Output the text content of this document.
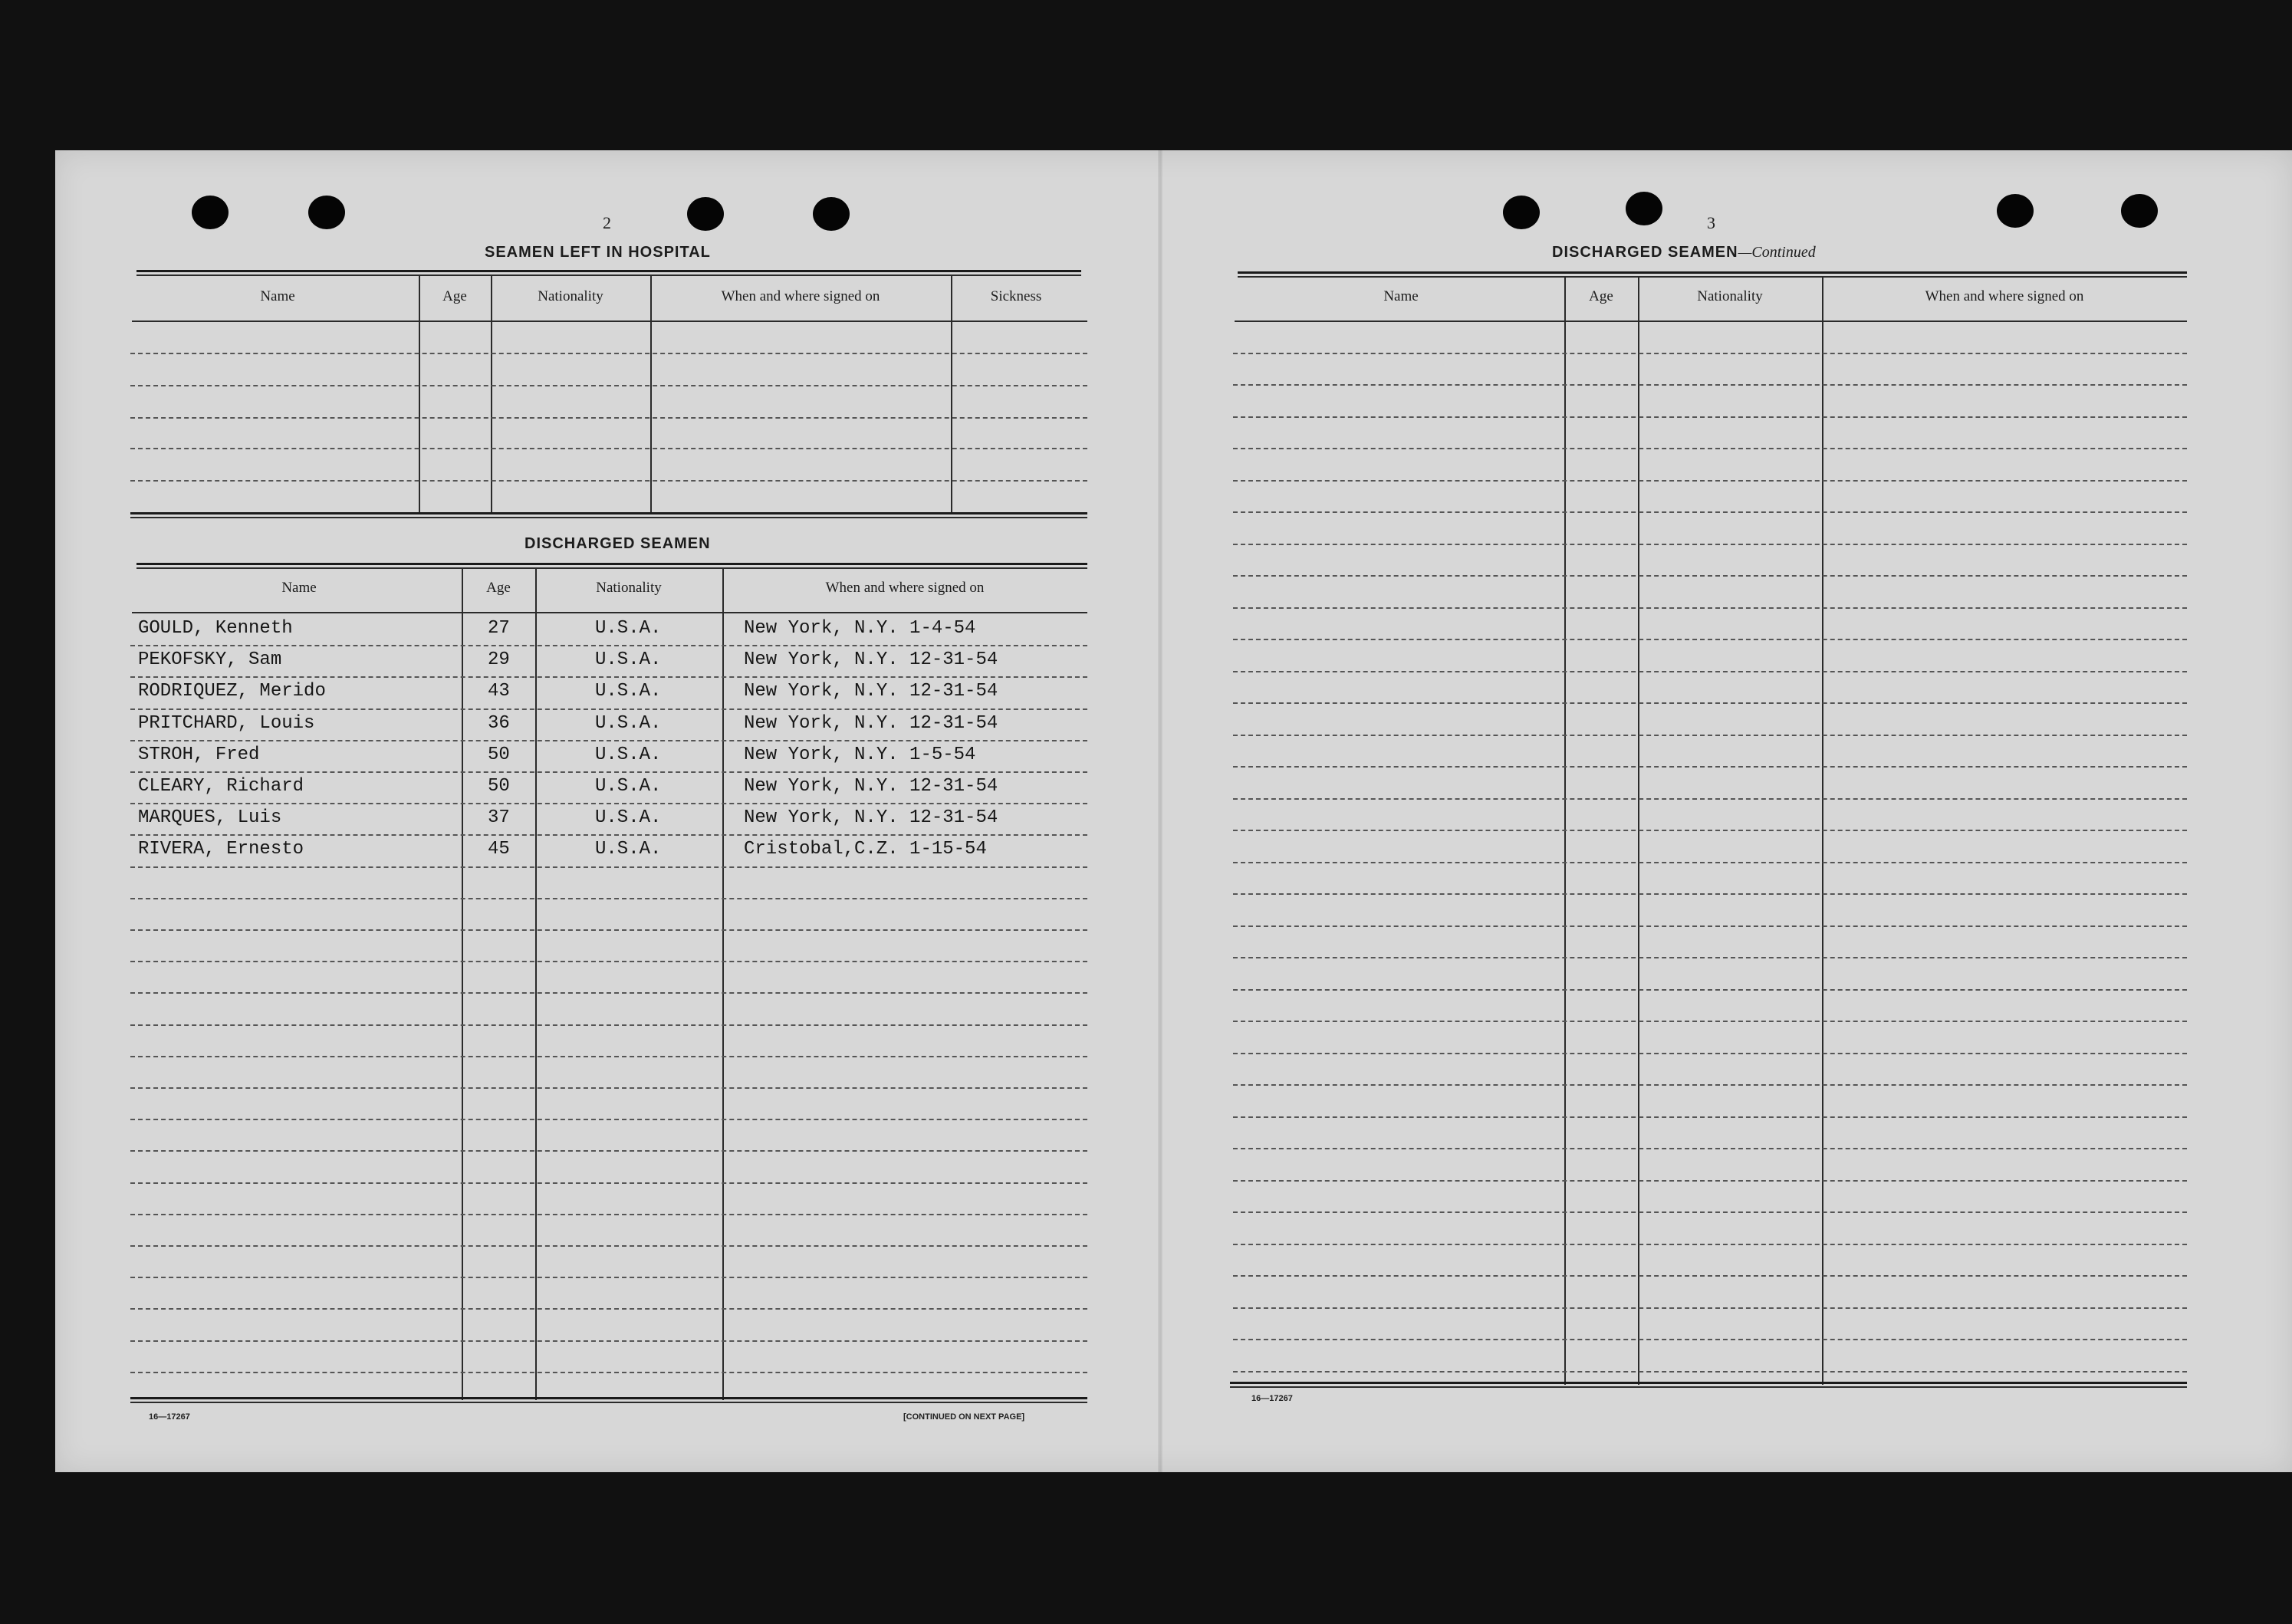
2
SEAMEN LEFT IN HOSPITAL
Name	Age	Nationality	When and where signed on	Sickness
DISCHARGED SEAMEN
Name	Age	Nationality	When and where signed on
GOULD, Kenneth	27	U.S.A.	New York, N.Y. 1-4-54
PEKOFSKY, Sam	29	U.S.A.	New York, N.Y. 12-31-54
RODRIQUEZ, Merido	43	U.S.A.	New York, N.Y. 12-31-54
PRITCHARD, Louis	36	U.S.A.	New York, N.Y. 12-31-54
STROH, Fred	50	U.S.A.	New York, N.Y. 1-5-54
CLEARY, Richard	50	U.S.A.	New York, N.Y. 12-31-54
MARQUES, Luis	37	U.S.A.	New York, N.Y. 12-31-54
RIVERA, Ernesto	45	U.S.A.	Cristobal,C.Z. 1-15-54
16—17267	[CONTINUED ON NEXT PAGE]
3
DISCHARGED SEAMEN—Continued
Name	Age	Nationality	When and where signed on
16—17267
